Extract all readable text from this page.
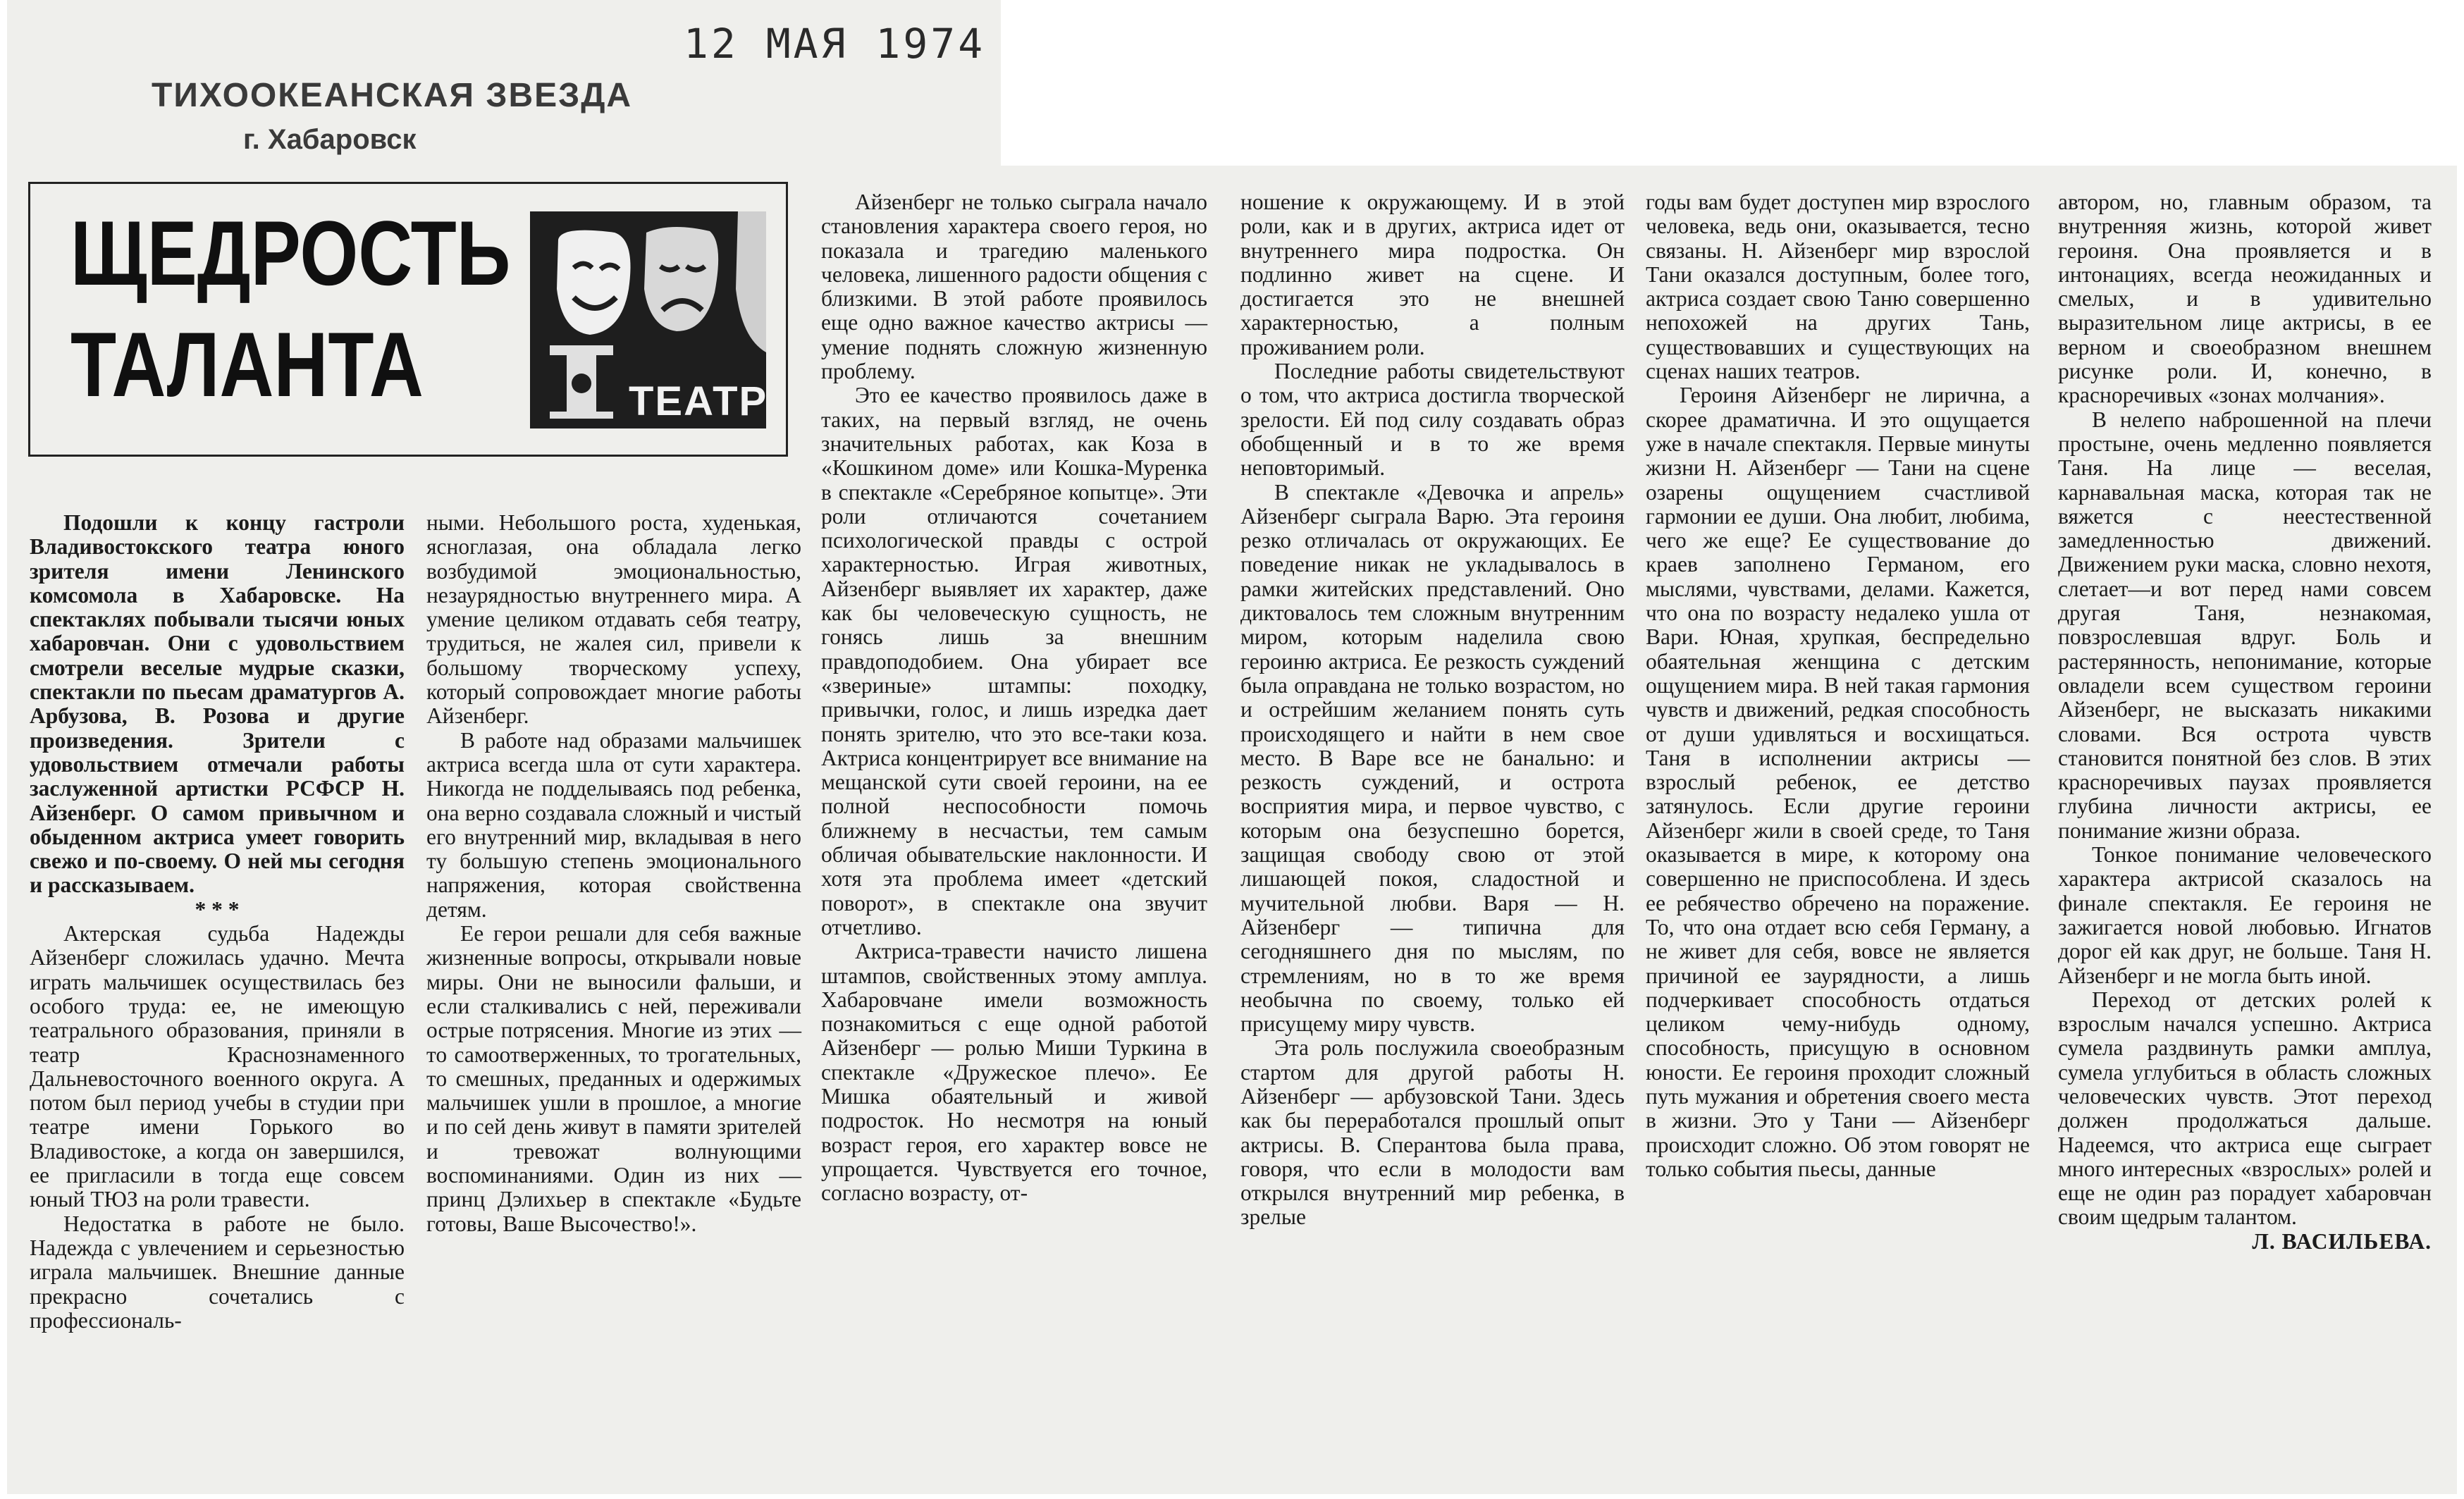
12 МАЯ 1974
ТИХООКЕАНСКАЯ ЗВЕЗДА
г. Хабаровск
ЩЕДРОСТЬ
ТАЛАНТА	ТЕАТР

Подошли к концу гастроли Владивостокского театра юного зрителя имени Ленинского комсомола в Хабаровске. На спектаклях побывали тысячи юных хабаровчан. Они с удовольствием смотрели веселые мудрые сказки, спектакли по пьесам драматургов А. Арбузова, В. Розова и другие произведения. Зрители с удовольствием отмечали работы заслуженной артистки РСФСР Н. Айзенберг. О самом привычном и обыденном актриса умеет говорить свежо и по-своему. О ней мы сегодня и рассказываем.

* * *

Актерская судьба Надежды Айзенберг сложилась удачно. Мечта играть мальчишек осуществилась без особого труда: ее, не имеющую театрального образования, приняли в театр Краснознаменного Дальневосточного военного округа. А потом был период учебы в студии при театре имени Горького во Владивостоке, а когда он завершился, ее пригласили в тогда еще совсем юный ТЮЗ на роли травести.

Недостатка в работе не было. Надежда с увлечением и серьезностью играла мальчишек. Внешние данные прекрасно сочетались с профессиональ-

ными. Небольшого роста, худенькая, ясноглазая, она обладала легко возбудимой эмоциональностью, незаурядностью внутреннего мира. А умение целиком отдавать себя театру, трудиться, не жалея сил, привели к большому творческому успеху, который сопровождает многие работы Айзенберг.

В работе над образами мальчишек актриса всегда шла от сути характера. Никогда не подделываясь под ребенка, она верно создавала сложный и чистый его внутренний мир, вкладывая в него ту большую степень эмоционального напряжения, которая свойственна детям.

Ее герои решали для себя важные жизненные вопросы, открывали новые миры. Они не выносили фальши, и если сталкивались с ней, переживали острые потрясения. Многие из этих — то самоотверженных, то трогательных, то смешных, преданных и одержимых мальчишек ушли в прошлое, а многие и по сей день живут в памяти зрителей и тревожат волнующими воспоминаниями. Один из них — принц Дэлихьер в спектакле «Будьте готовы, Ваше Высочество!».

Айзенберг не только сыграла начало становления характера своего героя, но показала и трагедию маленького человека, лишенного радости общения с близкими. В этой работе проявилось еще одно важное качество актрисы — умение поднять сложную жизненную проблему.

Это ее качество проявилось даже в таких, на первый взгляд, не очень значительных работах, как Коза в «Кошкином доме» или Кошка-Муренка в спектакле «Серебряное копытце». Эти роли отличаются сочетанием психологической правды с острой характерностью. Играя животных, Айзенберг выявляет их характер, даже как бы человеческую сущность, не гонясь лишь за внешним правдоподобием. Она убирает все «звериные» штампы: походку, привычки, голос, и лишь изредка дает понять зрителю, что это все-таки коза. Актриса концентрирует все внимание на мещанской сути своей героини, на ее полной неспособности помочь ближнему в несчастьи, тем самым обличая обывательские наклонности. И хотя эта проблема имеет «детский поворот», в спектакле она звучит отчетливо.

Актриса-травести начисто лишена штампов, свойственных этому амплуа. Хабаровчане имели возможность познакомиться с еще одной работой Айзенберг — ролью Миши Туркина в спектакле «Дружеское плечо». Ее Мишка обаятельный и живой подросток. Но несмотря на юный возраст героя, его характер вовсе не упрощается. Чувствуется его точное, согласно возрасту, от-

ношение к окружающему. И в этой роли, как и в других, актриса идет от внутреннего мира подростка. Он подлинно живет на сцене. И достигается это не внешней характерностью, а полным проживанием роли.

Последние работы свидетельствуют о том, что актриса достигла творческой зрелости. Ей под силу создавать образ обобщенный и в то же время неповторимый.

В спектакле «Девочка и апрель» Айзенберг сыграла Варю. Эта героиня резко отличалась от окружающих. Ее поведение никак не укладывалось в рамки житейских представлений. Оно диктовалось тем сложным внутренним миром, которым наделила свою героиню актриса. Ее резкость суждений была оправдана не только возрастом, но и острейшим желанием понять суть происходящего и найти в нем свое место. В Варе все не банально: и резкость суждений, и острота восприятия мира, и первое чувство, с которым она безуспешно борется, защищая свободу свою от этой лишающей покоя, сладостной и мучительной любви. Варя — Н. Айзенберг — типична для сегодняшнего дня по мыслям, по стремлениям, но в то же время необычна по своему, только ей присущему миру чувств.

Эта роль послужила своеобразным стартом для другой работы Н. Айзенберг — арбузовской Тани. Здесь как бы переработался прошлый опыт актрисы. В. Сперантова была права, говоря, что если в молодости вам открылся внутренний мир ребенка, в зрелые

годы вам будет доступен мир взрослого человека, ведь они, оказывается, тесно связаны. Н. Айзенберг мир взрослой Тани оказался доступным, более того, актриса создает свою Таню совершенно непохожей на других Тань, существовавших и существующих на сценах наших театров.

Героиня Айзенберг не лирична, а скорее драматична. И это ощущается уже в начале спектакля. Первые минуты жизни Н. Айзенберг — Тани на сцене озарены ощущением счастливой гармонии ее души. Она любит, любима, чего же еще? Ее существование до краев заполнено Германом, его мыслями, чувствами, делами. Кажется, что она по возрасту недалеко ушла от Вари. Юная, хрупкая, беспредельно обаятельная женщина с детским ощущением мира. В ней такая гармония чувств и движений, редкая способность от души удивляться и восхищаться. Таня в исполнении актрисы — взрослый ребенок, ее детство затянулось. Если другие героини Айзенберг жили в своей среде, то Таня оказывается в мире, к которому она совершенно не приспособлена. И здесь ее ребячество обречено на поражение. То, что она отдает всю себя Герману, а не живет для себя, вовсе не является причиной ее заурядности, а лишь подчеркивает способность отдаться целиком чему-нибудь одному, способность, присущую в основном юности. Ее героиня проходит сложный путь мужания и обретения своего места в жизни. Это у Тани — Айзенберг происходит сложно. Об этом говорят не только события пьесы, данные

автором, но, главным образом, та внутренняя жизнь, которой живет героиня. Она проявляется и в интонациях, всегда неожиданных и смелых, и в удивительно выразительном лице актрисы, в ее верном и своеобразном внешнем рисунке роли. И, конечно, в красноречивых «зонах молчания».

В нелепо наброшенной на плечи простыне, очень медленно появляется Таня. На лице — веселая, карнавальная маска, которая так не вяжется с неестественной замедленностью движений. Движением руки маска, словно нехотя, слетает—и вот перед нами совсем другая Таня, незнакомая, повзрослевшая вдруг. Боль и растерянность, непонимание, которые овладели всем существом героини Айзенберг, не высказать никакими словами. Вся острота чувств становится понятной без слов. В этих красноречивых паузах проявляется глубина личности актрисы, ее понимание жизни образа.

Тонкое понимание человеческого характера актрисой сказалось на финале спектакля. Ее героиня не зажигается новой любовью. Игнатов дорог ей как друг, не больше. Таня Н. Айзенберг и не могла быть иной.

Переход от детских ролей к взрослым начался успешно. Актриса сумела раздвинуть рамки амплуа, сумела углубиться в область сложных человеческих чувств. Этот переход должен продолжаться дальше. Надеемся, что актриса еще сыграет много интересных «взрослых» ролей и еще не один раз порадует хабаровчан своим щедрым талантом.

Л. ВАСИЛЬЕВА.
